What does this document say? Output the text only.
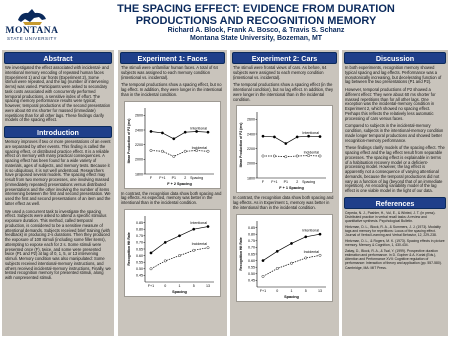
MONTANA
STATE UNIVERSITY
THE SPACING EFFECT: EVIDENCE FROM DURATION
PRODUCTIONS AND RECOGNITION MEMORY
Richard A. Block, Frank A. Bosco, & Travis S. Schanz
Montana State University, Bozeman, MT
Abstract
We investigated the effect associated with incidental- and intentional memory encoding of repeated human faces (Experiment 1) and car fronts (Experiment 2). Some stimuli were repeated, and the lag (number of intervening items) was varied. Participants were asked to secondary task costs associated with concurrently performed temporal productions, a sensitive index of effort. The spacing memory performance results were typical; however, temporal productions of the second presentation were about 60 ms shorter for massed (immediate) repetitions than for all other lags. These findings clarify models of the spacing effect.
Introduction
Memory improves if two or more presentations of an event are separated by other events. This finding is called the spacing effect, or distributed practice effect. It is a reliable effect on memory with many practical consequences. A spacing effect has been found for a wide variety of materials, ages of subjects, and memory tests. Because it is so ubiquitous, it is not well understood. Researchers have proposed several models. The spacing effect may result from two memory processes, one involving massed (immediately repeated) presentations versus distributed presentations and the other involving the number of items intervening between the first and second presentation. We used the first and second presentations of an item and the latter effect as well.
We used a concurrent task to investigate the spacing effect. Subjects were asked to attend a specific stimulus exposure duration. This method, called temporal production, is considered to be a sensitive measure of attentional demands. Subjects received brief training (with feedback) in producing 2-s durations. Then they produced the exposure of 100 stimuli (including some filler items), attempting to expose each for 2 s. Some stimuli were presented once (F), twice, and some were presented twice (P1 and P2) at lag of 0, 1, 5, or 13 intervening stimuli. Memory condition was also manipulated: Some subjects received intentional-memory instructions, and others received incidental-memory instructions. Finally, we tested recognition memory for presented stimuli, along with nonpresented stimuli.
Experiment 1: Faces
The stimuli were unfamiliar human faces. A total of 64 subjects was assigned to each memory condition (intentional vs. incidental).
The temporal productions show a spacing effect, but no lag effect. In addition, they were longer in the intentional than in the incidental condition.
2600
2400
2200
2000
1800
Mean Production of P2 (ms)
F F+1 P1 2 Spacing
F + 2 Spacing
Intentional
Incidental
In contrast, the recognition data show both spacing and lag effects. As expected, memory was better in the intentional than in the incidental condition.
0.85
0.80
0.75
0.70
0.65
0.60
0.55
0.50
0.45
Recognition Hit Rate
F+1	0	1	5	13
Spacing
Intentional
Incidental
Experiment 2: Cars
The stimuli were frontal views of cars. As before, 64 subjects were assigned to each memory condition (intentional vs. incidental).
The temporal productions show a spacing effect (in the intentional condition), but no lag effect. In addition, they were longer in the intentional than in the incidental condition.
2600
2400
2200
2000
1800
Mean Production of P2 (ms)
F F+1 P1 2 Spacing
F + 1 Spacing
Intentional
Incidental
In contrast, the recognition data show both spacing and lag effects. As in Experiment 1, memory was better in the intentional than in the incidental condition.
0.85
0.80
0.75
0.70
0.65
0.60
0.55
0.50
0.45
Recognition Hit Rate
F+1	0	1	5	13
Spacing
Intentional
Incidental
Discussion
In both experiments, recognition memory showed typical spacing and lag effects. Performance was a monotonically increasing, but decelerating function of lag between the two presentations (P1 and P2).
However, temporal productions of P2 showed a different effect: They were about 60 ms shorter for massed repetitions than for all other lags. One exception was the incidental-memory condition in Experiment 2, which showed no spacing effect. Perhaps this reflects the relatively less automatic processing of cars versus faces.
Compared to subjects in the incidental-memory condition, subjects in the intentional-memory condition made longer temporal productions and showed better recognition-memory performance.
These findings clarify models of the spacing effect. The spacing effect and the lag effect result from separable processes. The spacing effect is explainable in terms of a habituation recovery model or a deficient-processing model. However, the lag effect is apparently not a consequence of varying attentional demands, because the temporal productions did not vary as a function of lag (beyond that of an immediate repetition). An encoding variability model of the lag effect is one viable model in the light of our data.
References
Cepeda, N. J., Pashler, H., Vul, E., & Wixted, J. T. (in press). Distributed practice in verbal recall tasks: A review and quantitative synthesis. Psychological Bulletin.
Hintzman, D. L., Block, R. A., & Summers, J. J. (1973). Modality tags and memory for repetitions: Locus of the spacing effect. Journal of Verbal Learning and Verbal Behavior, 12, 229-238.
Hintzman, D. L., & Rogers, M. K. (1973). Spacing effects in picture memory. Memory & Cognition, 1, 430-434.
Zakay, D., Block, R. A., & Tsal, Y. (1999). Prospective duration estimation and performance. In D. Gopher & A. Koriat (Eds.), Attention and Performance XVII: Cognitive regulation of performance: Interaction of theory and application (pp. 557-580). Cambridge, MA: MIT Press.
